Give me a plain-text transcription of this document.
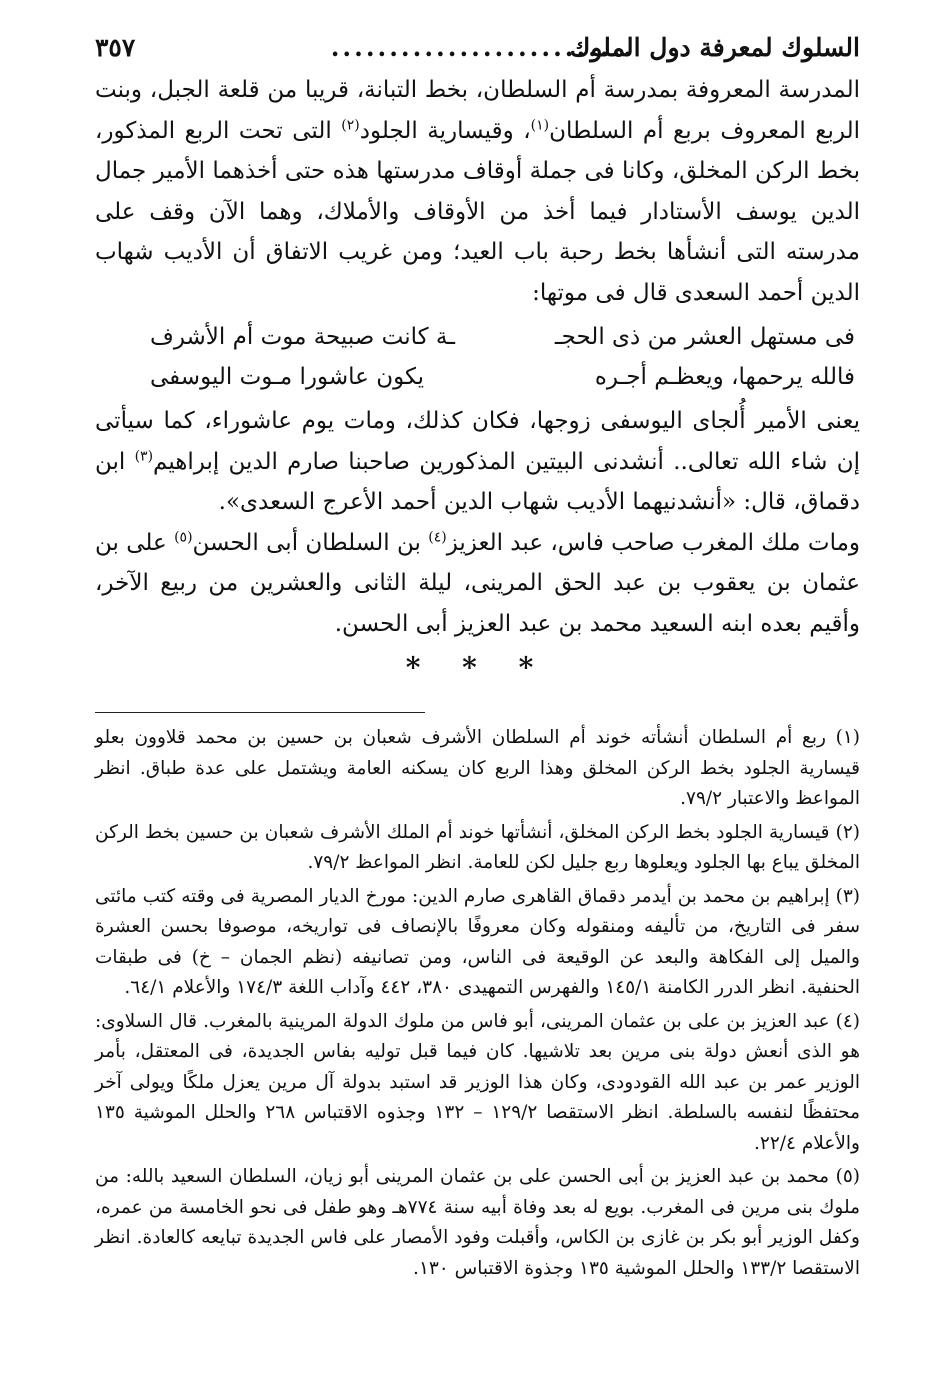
السلوك لمعرفة دول الملوك
..........................
٣٥٧

المدرسة المعروفة بمدرسة أم السلطان، بخط التبانة، قريبا من قلعة الجبل، وبنت الربع المعروف بربع أم السلطان$^{(١)}$، وقيسارية الجلود$^{(٢)}$ التى تحت الربع المذكور، بخط الركن المخلق، وكانا فى جملة أوقاف مدرستها هذه حتى أخذهما الأمير جمال الدين يوسف الأستادار فيما أخذ من الأوقاف والأملاك، وهما الآن وقف على مدرسته التى أنشأها بخط رحبة باب العيد؛ ومن غريب الاتفاق أن الأديب شهاب الدين أحمد السعدى قال فى موتها:

فى مستهل العشر من ذى الحجـ
ـة كانت صبيحة موت أم الأشرف
فالله يرحمها، ويعظـم أجـره
يكون عاشورا مـوت اليوسفى

يعنى الأمير أُلجاى اليوسفى زوجها، فكان كذلك، ومات يوم عاشوراء، كما سيأتى إن شاء الله تعالى.. أنشدنى البيتين المذكورين صاحبنا صارم الدين إبراهيم$^{(٣)}$ ابن دقماق، قال: «أنشدنيهما الأديب شهاب الدين أحمد الأعرج السعدى».

ومات ملك المغرب صاحب فاس، عبد العزيز$^{(٤)}$ بن السلطان أبى الحسن$^{(٥)}$ على بن عثمان بن يعقوب بن عبد الحق المرينى، ليلة الثانى والعشرين من ربيع الآخر، وأقيم بعده ابنه السعيد محمد بن عبد العزيز أبى الحسن.

* * *

(١) ربع أم السلطان أنشأته خوند أم السلطان الأشرف شعبان بن حسين بن محمد قلاوون بعلو قيسارية الجلود بخط الركن المخلق وهذا الربع كان يسكنه العامة ويشتمل على عدة طباق. انظر المواعظ والاعتبار ٧٩/٢.

(٢) قيسارية الجلود بخط الركن المخلق، أنشأتها خوند أم الملك الأشرف شعبان بن حسين بخط الركن المخلق يباع بها الجلود ويعلوها ربع جليل لكن للعامة. انظر المواعظ ٧٩/٢.

(٣) إبراهيم بن محمد بن أيدمر دقماق القاهرى صارم الدين: مورخ الديار المصرية فى وقته كتب مائتى سفر فى التاريخ، من تأليفه ومنقوله وكان معروفًا بالإنصاف فى تواريخه، موصوفا بحسن العشرة والميل إلى الفكاهة والبعد عن الوقيعة فى الناس، ومن تصانيفه (نظم الجمان – خ) فى طبقات الحنفية. انظر الدرر الكامنة ١٤٥/١ والفهرس التمهيدى ٣٨٠، ٤٤٢ وآداب اللغة ١٧٤/٣ والأعلام ٦٤/١.

(٤) عبد العزيز بن على بن عثمان المرينى، أبو فاس من ملوك الدولة المرينية بالمغرب. قال السلاوى: هو الذى أنعش دولة بنى مرين بعد تلاشيها. كان فيما قبل توليه بفاس الجديدة، فى المعتقل، بأمر الوزير عمر بن عبد الله القودودى، وكان هذا الوزير قد استبد بدولة آل مرين يعزل ملكًا ويولى آخر محتفظًا لنفسه بالسلطة. انظر الاستقصا ١٢٩/٢ – ١٣٢ وجذوه الاقتباس ٢٦٨ والحلل الموشية ١٣٥ والأعلام ٢٢/٤.

(٥) محمد بن عبد العزيز بن أبى الحسن على بن عثمان المرينى أبو زيان، السلطان السعيد بالله: من ملوك بنى مرين فى المغرب. بويع له بعد وفاة أبيه سنة ٧٧٤هـ وهو طفل فى نحو الخامسة من عمره، وكفل الوزير أبو بكر بن غازى بن الكاس، وأقبلت وفود الأمصار على فاس الجديدة تبايعه كالعادة. انظر الاستقصا ١٣٣/٢ والحلل الموشية ١٣٥ وجذوة الاقتباس ١٣٠.
